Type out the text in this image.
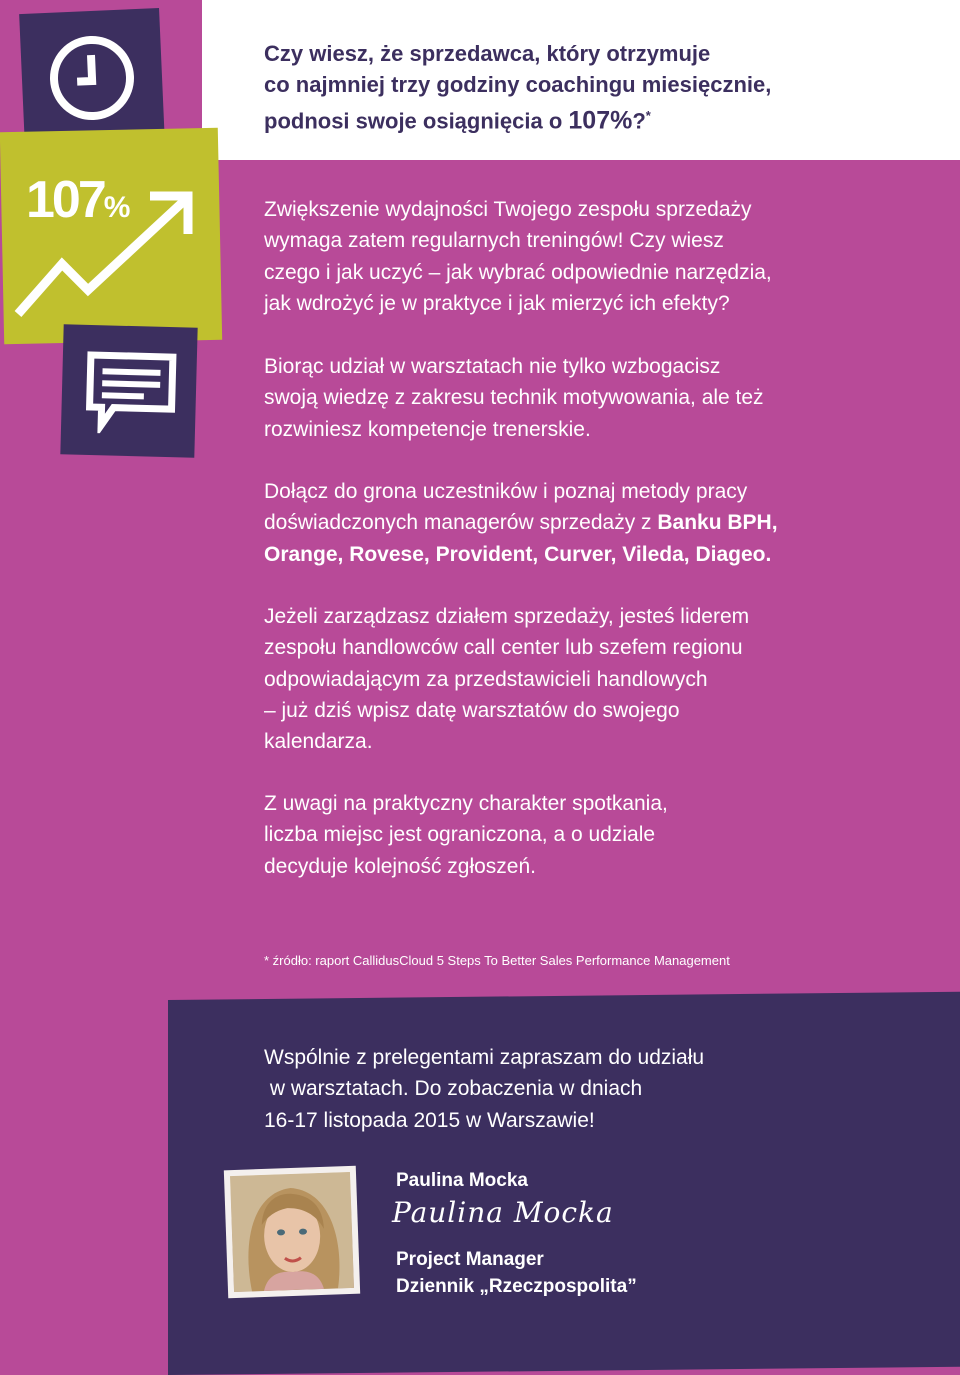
Czy wiesz, że sprzedawca, który otrzymuje
co najmniej trzy godziny coachingu miesięcznie,
podnosi swoje osiągnięcia o 107%?*
107%	Zwiększenie wydajności Twojego zespołu sprzedaży
wymaga zatem regularnych treningów! Czy wiesz
czego i jak uczyć – jak wybrać odpowiednie narzędzia,
jak wdrożyć je w praktyce i jak mierzyć ich efekty?
Biorąc udział w warsztatach nie tylko wzbogacisz
swoją wiedzę z zakresu technik motywowania, ale też
rozwiniesz kompetencje trenerskie.
Dołącz do grona uczestników i poznaj metody pracy
doświadczonych managerów sprzedaży z Banku BPH,
Orange, Rovese, Provident, Curver, Vileda, Diageo.
Jeżeli zarządzasz działem sprzedaży, jesteś liderem
zespołu handlowców call center lub szefem regionu
odpowiadającym za przedstawicieli handlowych
– już dziś wpisz datę warsztatów do swojego
kalendarza.
Z uwagi na praktyczny charakter spotkania,
liczba miejsc jest ograniczona, a o udziale
decyduje kolejność zgłoszeń.
* źródło: raport CallidusCloud 5 Steps To Better Sales Performance Management
Wspólnie z prelegentami zapraszam do udziału
w warsztatach. Do zobaczenia w dniach
16-17 listopada 2015 w Warszawie!
Paulina Mocka
Paulina Mocka
Project Manager
Dziennik „Rzeczpospolita”
